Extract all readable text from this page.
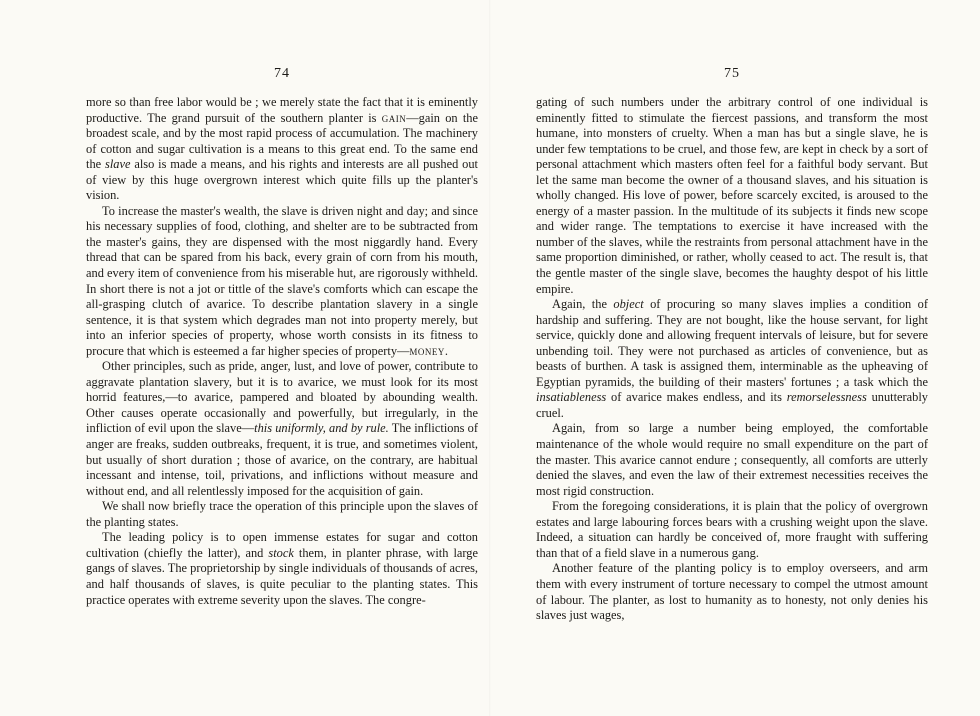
74

more so than free labor would be ; we merely state the fact that it is eminently productive. The grand pursuit of the southern planter is gain—gain on the broadest scale, and by the most rapid process of accumulation. The machinery of cotton and sugar cultivation is a means to this great end. To the same end the slave also is made a means, and his rights and interests are all pushed out of view by this huge overgrown interest which quite fills up the planter's vision.

To increase the master's wealth, the slave is driven night and day; and since his necessary supplies of food, clothing, and shelter are to be subtracted from the master's gains, they are dispensed with the most niggardly hand. Every thread that can be spared from his back, every grain of corn from his mouth, and every item of convenience from his miserable hut, are rigorously withheld. In short there is not a jot or tittle of the slave's comforts which can escape the all-grasping clutch of avarice. To describe plantation slavery in a single sentence, it is that system which degrades man not into property merely, but into an inferior species of property, whose worth consists in its fitness to procure that which is esteemed a far higher species of property—money.

Other principles, such as pride, anger, lust, and love of power, contribute to aggravate plantation slavery, but it is to avarice, we must look for its most horrid features,—to avarice, pampered and bloated by abounding wealth. Other causes operate occasionally and powerfully, but irregularly, in the infliction of evil upon the slave—this uniformly, and by rule. The inflictions of anger are freaks, sudden outbreaks, frequent, it is true, and sometimes violent, but usually of short duration ; those of avarice, on the contrary, are habitual incessant and intense, toil, privations, and inflictions without measure and without end, and all relentlessly imposed for the acquisition of gain.

We shall now briefly trace the operation of this principle upon the slaves of the planting states.

The leading policy is to open immense estates for sugar and cotton cultivation (chiefly the latter), and stock them, in planter phrase, with large gangs of slaves. The proprietorship by single individuals of thousands of acres, and half thousands of slaves, is quite peculiar to the planting states. This practice operates with extreme severity upon the slaves. The congre-

75

gating of such numbers under the arbitrary control of one individual is eminently fitted to stimulate the fiercest passions, and transform the most humane, into monsters of cruelty. When a man has but a single slave, he is under few temptations to be cruel, and those few, are kept in check by a sort of personal attachment which masters often feel for a faithful body servant. But let the same man become the owner of a thousand slaves, and his situation is wholly changed. His love of power, before scarcely excited, is aroused to the energy of a master passion. In the multitude of its subjects it finds new scope and wider range. The temptations to exercise it have increased with the number of the slaves, while the restraints from personal attachment have in the same proportion diminished, or rather, wholly ceased to act. The result is, that the gentle master of the single slave, becomes the haughty despot of his little empire.

Again, the object of procuring so many slaves implies a condition of hardship and suffering. They are not bought, like the house servant, for light service, quickly done and allowing frequent intervals of leisure, but for severe unbending toil. They were not purchased as articles of convenience, but as beasts of burthen. A task is assigned them, interminable as the upheaving of Egyptian pyramids, the building of their masters' fortunes ; a task which the insatiableness of avarice makes endless, and its remorselessness unutterably cruel.

Again, from so large a number being employed, the comfortable maintenance of the whole would require no small expenditure on the part of the master. This avarice cannot endure ; consequently, all comforts are utterly denied the slaves, and even the law of their extremest necessities receives the most rigid construction.

From the foregoing considerations, it is plain that the policy of overgrown estates and large labouring forces bears with a crushing weight upon the slave. Indeed, a situation can hardly be conceived of, more fraught with suffering than that of a field slave in a numerous gang.

Another feature of the planting policy is to employ overseers, and arm them with every instrument of torture necessary to compel the utmost amount of labour. The planter, as lost to humanity as to honesty, not only denies his slaves just wages,
